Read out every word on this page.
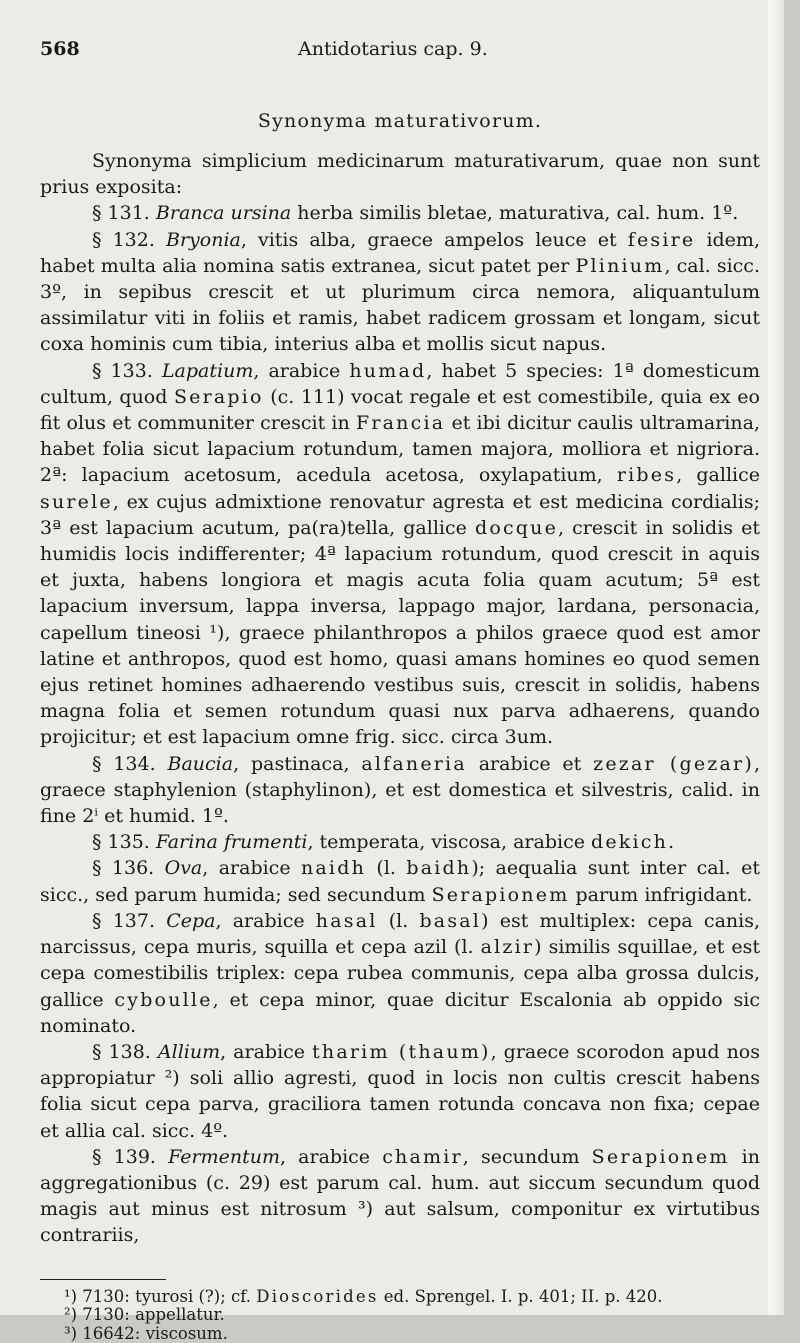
568	Antidotarius cap. 9.
Synonyma maturativorum.

Synonyma simplicium medicinarum maturativarum, quae non sunt prius exposita:

§ 131. Branca ursina herba similis bletae, maturativa, cal. hum. 1º.

§ 132. Bryonia, vitis alba, graece ampelos leuce et fesire idem, habet multa alia nomina satis extranea, sicut patet per Plinium, cal. sicc. 3º, in sepibus crescit et ut plurimum circa nemora, aliquantulum assimilatur viti in foliis et ramis, habet radicem grossam et longam, sicut coxa hominis cum tibia, interius alba et mollis sicut napus.

§ 133. Lapatium, arabice humad, habet 5 species: 1ª domesticum cultum, quod Serapio (c. 111) vocat regale et est comestibile, quia ex eo fit olus et communiter crescit in Francia et ibi dicitur caulis ultramarina, habet folia sicut lapacium rotundum, tamen majora, molliora et nigriora. 2ª: lapacium acetosum, acedula acetosa, oxylapatium, ribes, gallice surele, ex cujus admixtione renovatur agresta et est medicina cordialis; 3ª est lapacium acutum, pa(ra)tella, gallice docque, crescit in solidis et humidis locis indifferenter; 4ª lapacium rotundum, quod crescit in aquis et juxta, habens longiora et magis acuta folia quam acutum; 5ª est lapacium inversum, lappa inversa, lappago major, lardana, personacia, capellum tineosi ¹), graece philanthropos a philos graece quod est amor latine et anthropos, quod est homo, quasi amans homines eo quod semen ejus retinet homines adhaerendo vestibus suis, crescit in solidis, habens magna folia et semen rotundum quasi nux parva adhaerens, quando projicitur; et est lapacium omne frig. sicc. circa 3um.

§ 134. Baucia, pastinaca, alfaneria arabice et zezar (gezar), graece staphylenion (staphylinon), et est domestica et silvestris, calid. in fine 2ⁱ et humid. 1º.

§ 135. Farina frumenti, temperata, viscosa, arabice dekich.

§ 136. Ova, arabice naidh (l. baidh); aequalia sunt inter cal. et sicc., sed parum humida; sed secundum Serapionem parum infrigidant.

§ 137. Cepa, arabice hasal (l. basal) est multiplex: cepa canis, narcissus, cepa muris, squilla et cepa azil (l. alzir) similis squillae, et est cepa comestibilis triplex: cepa rubea communis, cepa alba grossa dulcis, gallice cyboulle, et cepa minor, quae dicitur Escalonia ab oppido sic nominato.

§ 138. Allium, arabice tharim (thaum), graece scorodon apud nos appropiatur ²) soli allio agresti, quod in locis non cultis crescit habens folia sicut cepa parva, graciliora tamen rotunda concava non fixa; cepae et allia cal. sicc. 4º.

§ 139. Fermentum, arabice chamir, secundum Serapionem in aggregationibus (c. 29) est parum cal. hum. aut siccum secundum quod magis aut minus est nitrosum ³) aut salsum, componitur ex virtutibus contrariis,

¹) 7130: tyurosi (?); cf. Dioscorides ed. Sprengel. I. p. 401; II. p. 420.

²) 7130: appellatur.

³) 16642: viscosum.
